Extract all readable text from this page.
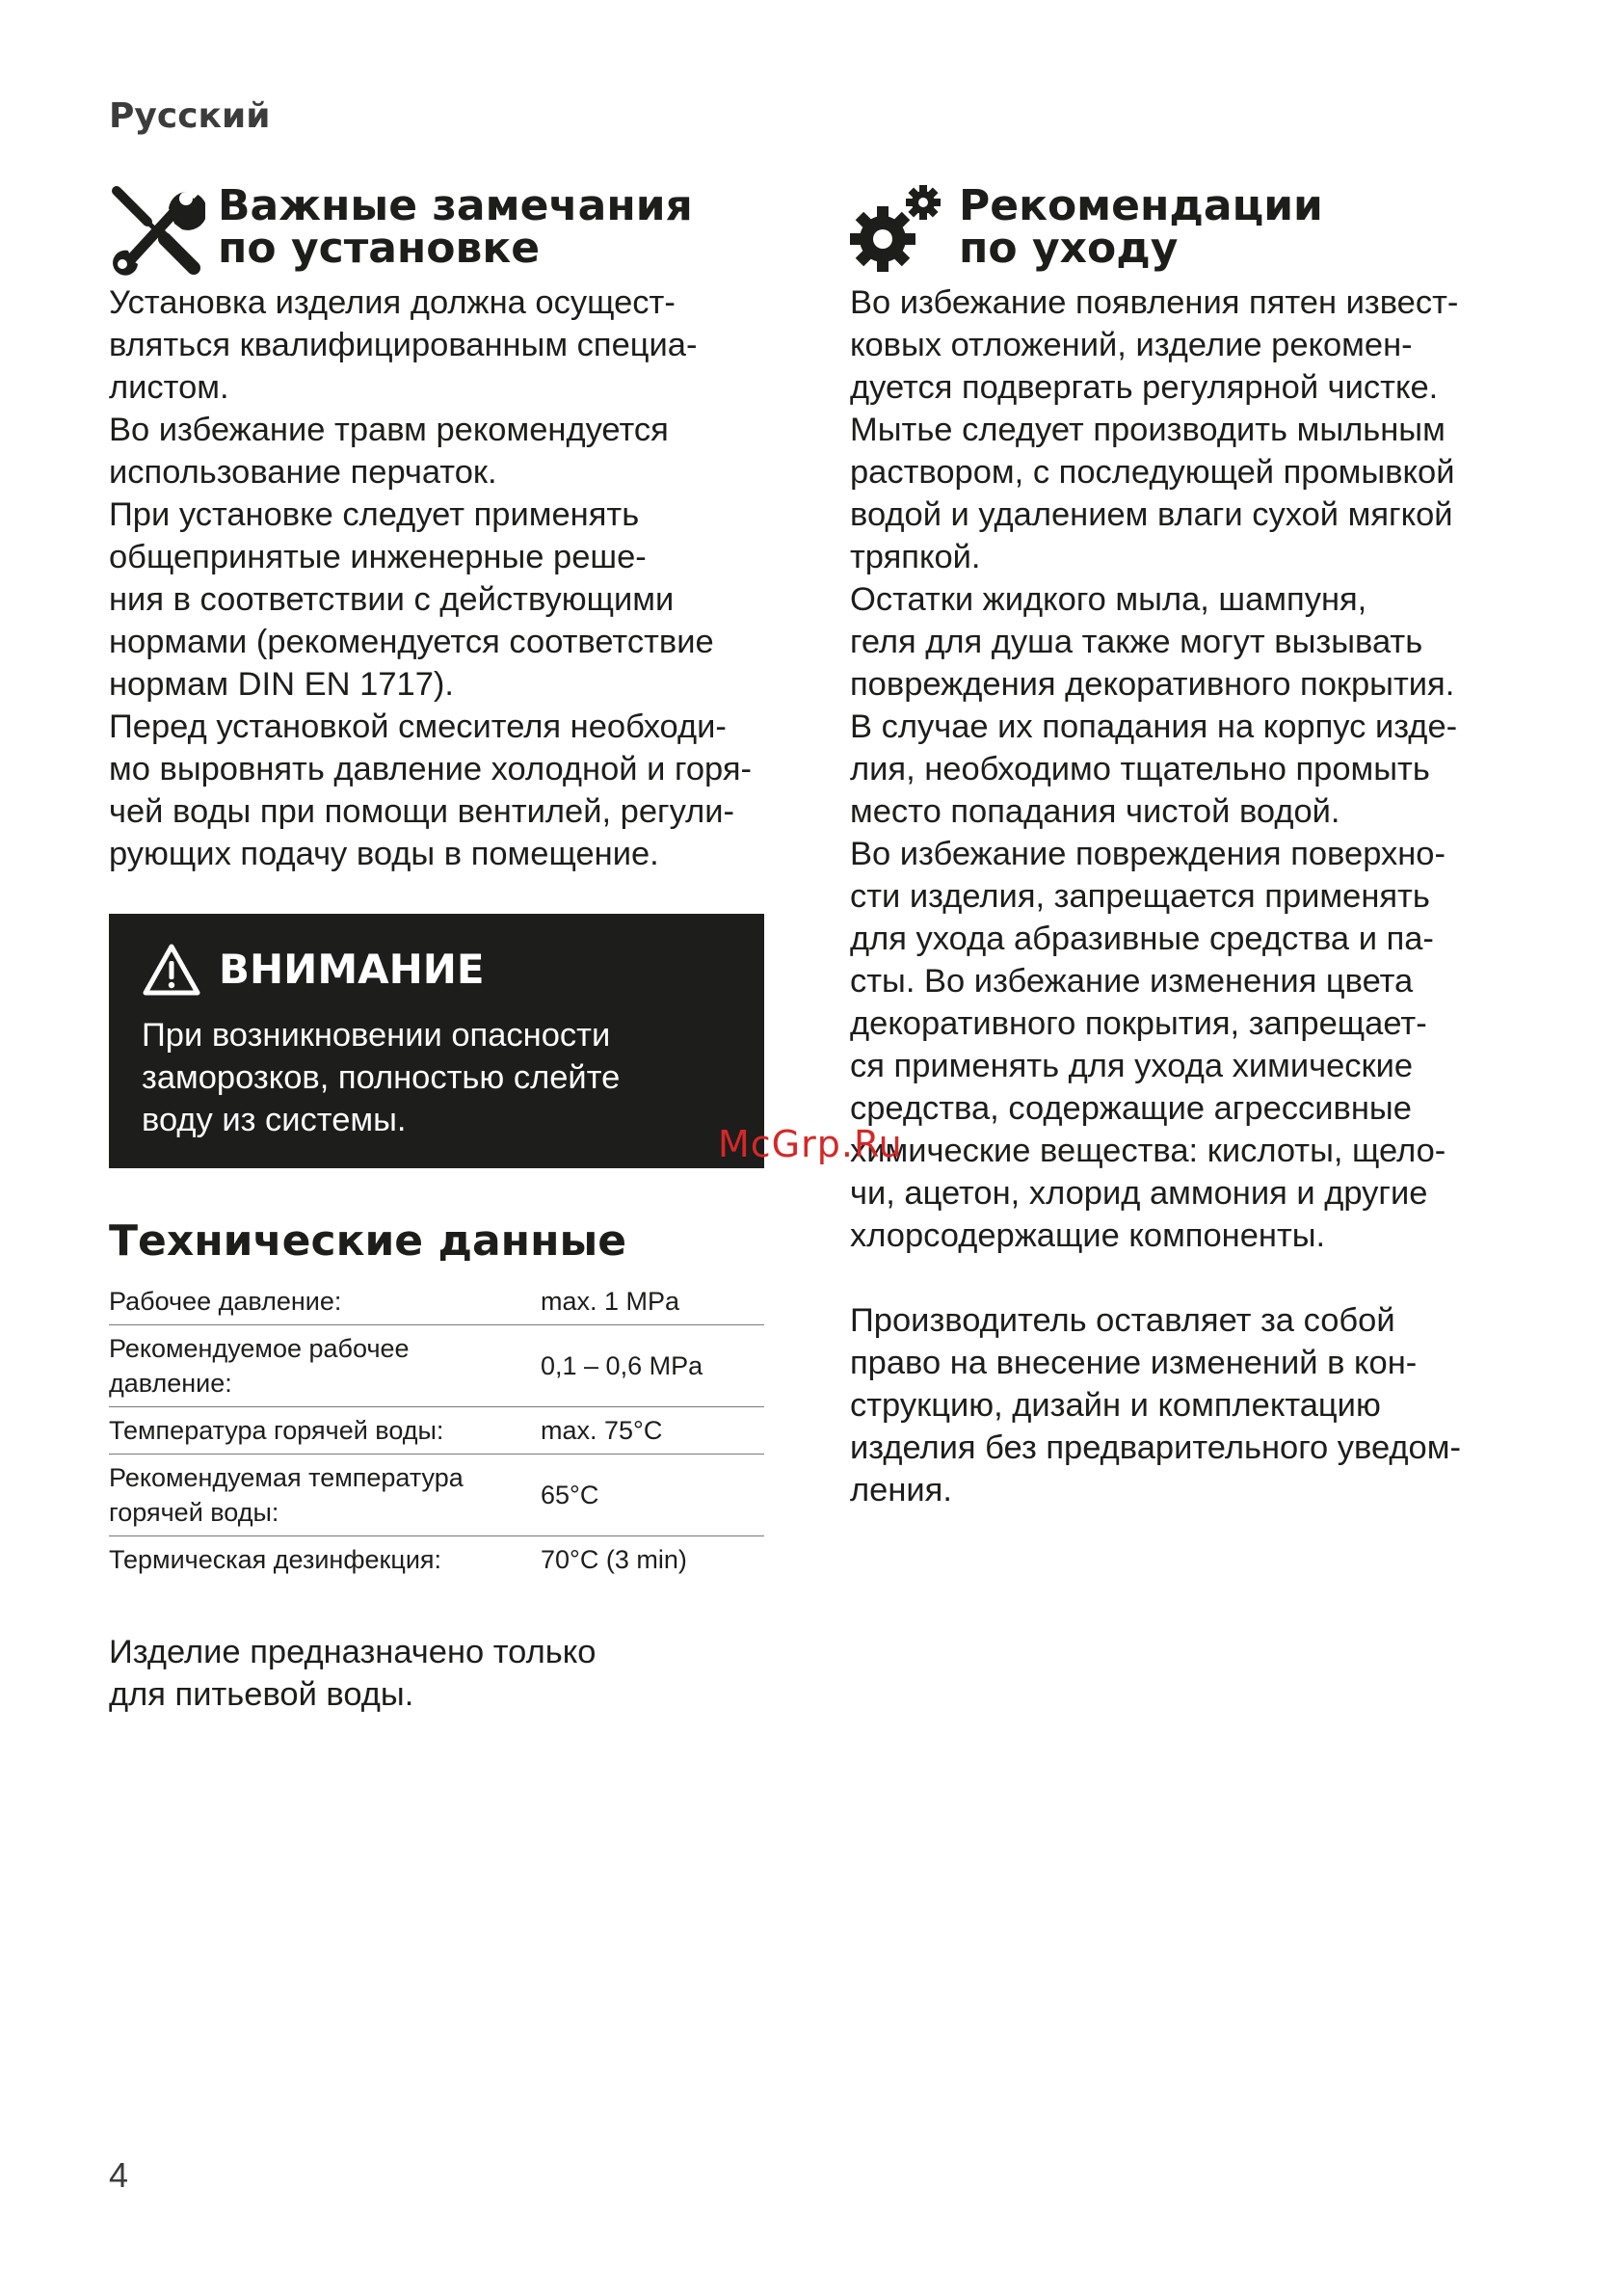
Русский
Важные замечания
по установке

Установка изделия должна осущест-
вляться квалифицированным специа-
листом.

Во избежание травм рекомендуется
использование перчаток.

При установке следует применять
общепринятые инженерные реше-
ния в соответствии с действующими
нормами (рекомендуется соответствие
нормам DIN EN 1717).

Перед установкой смесителя необходи-
мо выровнять давление холодной и горя-
чей воды при помощи вентилей, регули-
рующих подачу воды в помещение.

ВНИМАНИЕ
При возникновении опасности
заморозков, полностью слейте
воду из системы.
Технические данные
Рабочее давление:	max. 1 MPa

Рекомендуемое рабочее
давление:	0,1 – 0,6 MPa

Температура горячей воды:	max. 75°C

Рекомендуемая температура
горячей воды:	65°C

Термическая дезинфекция:	70°C (3 min)

Изделие предназначено только
для питьевой воды.

Рекомендации
по уходу

Во избежание появления пятен извест-
ковых отложений, изделие рекомен-
дуется подвергать регулярной чистке.

Мытье следует производить мыльным
раствором, с последующей промывкой
водой и удалением влаги сухой мягкой
тряпкой.

Остатки жидкого мыла, шампуня,
геля для душа также могут вызывать
повреждения декоративного покрытия.
В случае их попадания на корпус изде-
лия, необходимо тщательно промыть
место попадания чистой водой.

Во избежание повреждения поверхно-
сти изделия, запрещается применять
для ухода абразивные средства и па-
сты. Во избежание изменения цвета
декоративного покрытия, запрещает-
ся применять для ухода химические
средства, содержащие агрессивные
химические вещества: кислоты, щело-
чи, ацетон, хлорид аммония и другие
хлорсодержащие компоненты.

Производитель оставляет за собой
право на внесение изменений в кон-
струкцию, дизайн и комплектацию
изделия без предварительного уведом-
ления.

McGrp.Ru
4
